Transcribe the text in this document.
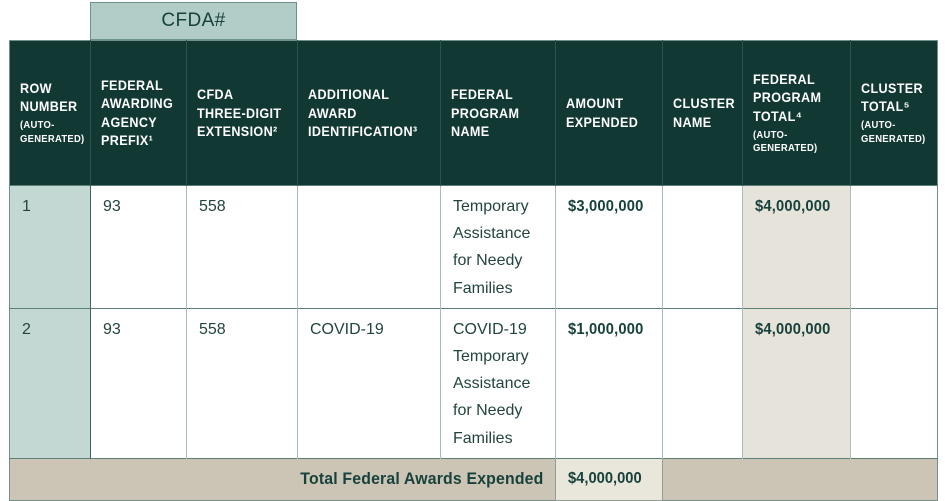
CFDA#
ROW NUMBER (AUTO-GENERATED)	FEDERAL AWARDING AGENCY PREFIX¹	CFDA THREE-DIGIT EXTENSION²	ADDITIONAL AWARD IDENTIFICATION³	FEDERAL PROGRAM NAME	AMOUNT EXPENDED	CLUSTER NAME	FEDERAL PROGRAM TOTAL⁴ (AUTO-GENERATED)	CLUSTER TOTAL⁵ (AUTO-GENERATED)
1	93	558		Temporary Assistance for Needy Families	$3,000,000		$4,000,000	
2	93	558	COVID-19	COVID-19 Temporary Assistance for Needy Families	$1,000,000		$4,000,000	
Total Federal Awards Expended					$4,000,000			
